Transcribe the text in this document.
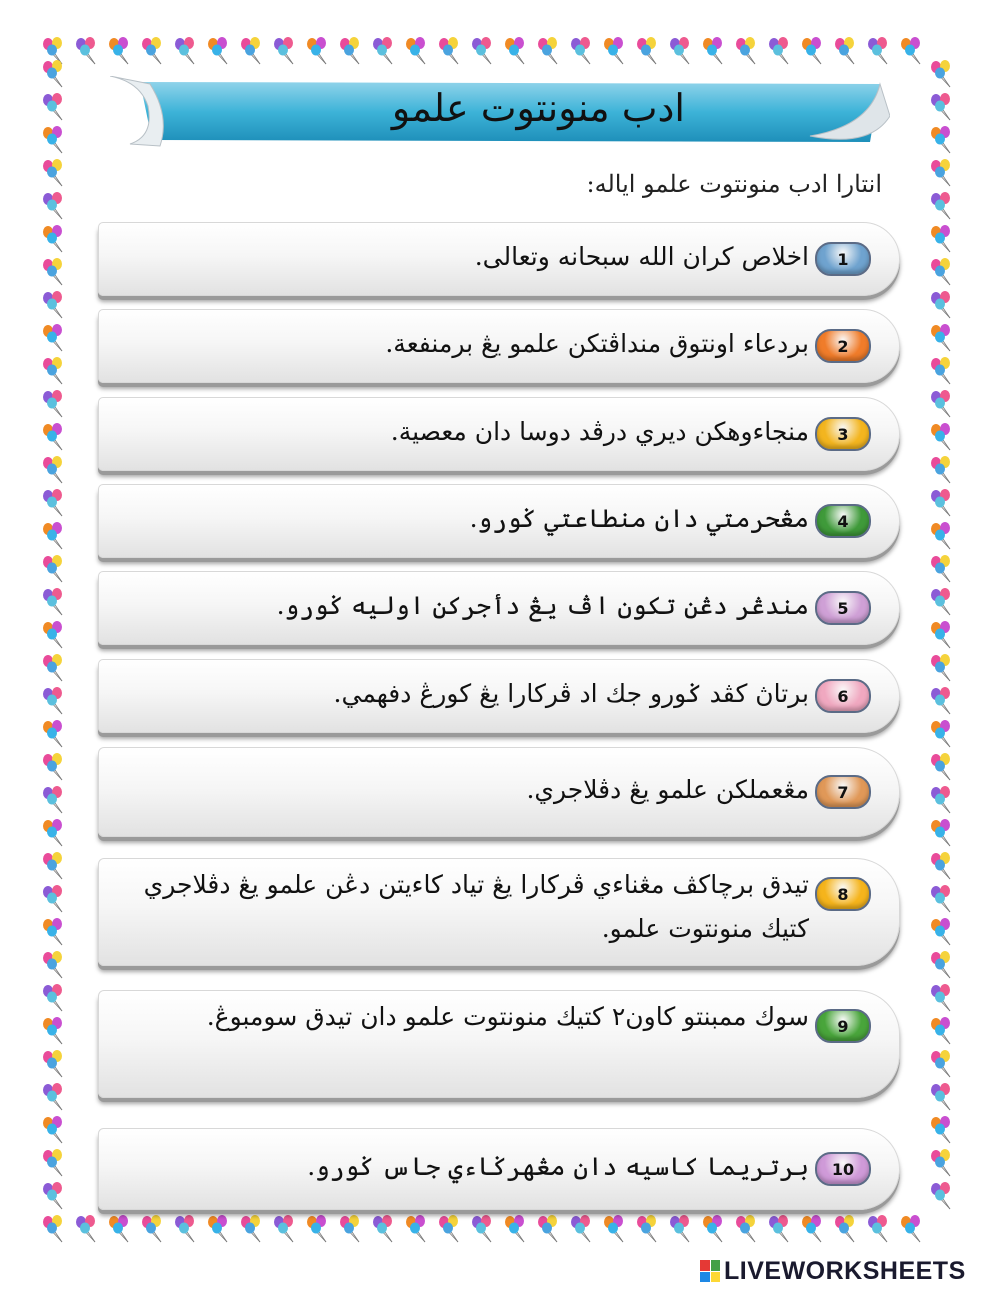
ادب منونتوت علمو
انتارا ادب منونتوت علمو اياله:
اخلاص كران الله سبحانه وتعالى.	1
بردعاء اونتوق منداڤتكن علمو يڠ برمنفعة.	2
منجاءوهكن ديري درڤد دوسا دان معصية.	3
مڠحرمتي دان منطاعتي ݢورو.	4
مندڠر دڠن تكون اڤ يڠ دأجركن اوليه ݢورو.	5
برتاڽ كڤد ݢورو جك اد ڤركارا يڠ كورڠ دفهمي.	6
مڠعملكن علمو يڠ دڤلاجري.	7
تيدق برچاكڤ مڠناءي ڤركارا يڠ تياد كاءيتن دڠن علمو يڠ دڤلاجري كتيك منونتوت علمو.
8
سوك ممبنتو كاون٢ كتيك منونتوت علمو دان تيدق سومبوڠ.	9
برتريما كاسيه دان مڠهرݢاءي جاس ݢورو.	10
LIVEWORKSHEETS
